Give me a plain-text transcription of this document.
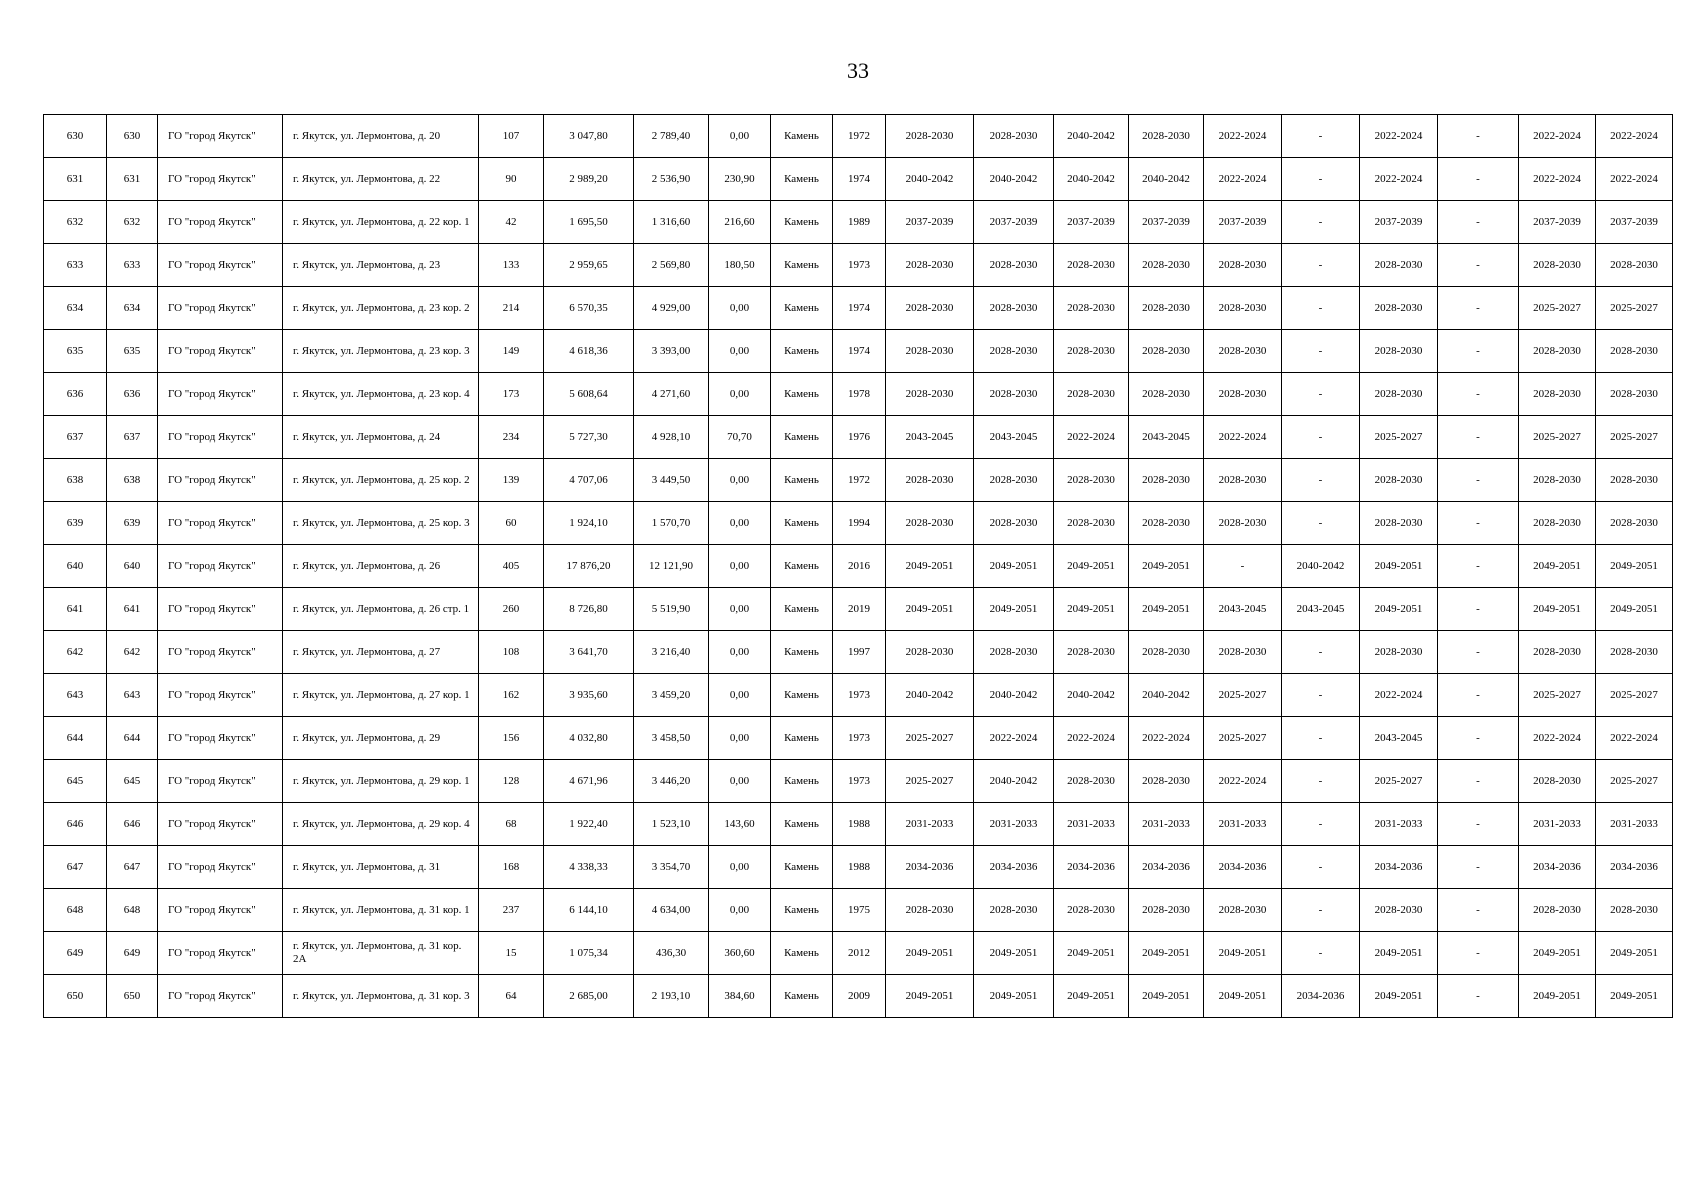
33
630	630	ГО "город Якутск"	г. Якутск, ул. Лермонтова, д. 20	107	3 047,80	2 789,40	0,00	Камень	1972	2028-2030	2028-2030	2040-2042	2028-2030	2022-2024	-	2022-2024	-	2022-2024	2022-2024
631	631	ГО "город Якутск"	г. Якутск, ул. Лермонтова, д. 22	90	2 989,20	2 536,90	230,90	Камень	1974	2040-2042	2040-2042	2040-2042	2040-2042	2022-2024	-	2022-2024	-	2022-2024	2022-2024
632	632	ГО "город Якутск"	г. Якутск, ул. Лермонтова, д. 22 кор. 1	42	1 695,50	1 316,60	216,60	Камень	1989	2037-2039	2037-2039	2037-2039	2037-2039	2037-2039	-	2037-2039	-	2037-2039	2037-2039
633	633	ГО "город Якутск"	г. Якутск, ул. Лермонтова, д. 23	133	2 959,65	2 569,80	180,50	Камень	1973	2028-2030	2028-2030	2028-2030	2028-2030	2028-2030	-	2028-2030	-	2028-2030	2028-2030
634	634	ГО "город Якутск"	г. Якутск, ул. Лермонтова, д. 23 кор. 2	214	6 570,35	4 929,00	0,00	Камень	1974	2028-2030	2028-2030	2028-2030	2028-2030	2028-2030	-	2028-2030	-	2025-2027	2025-2027
635	635	ГО "город Якутск"	г. Якутск, ул. Лермонтова, д. 23 кор. 3	149	4 618,36	3 393,00	0,00	Камень	1974	2028-2030	2028-2030	2028-2030	2028-2030	2028-2030	-	2028-2030	-	2028-2030	2028-2030
636	636	ГО "город Якутск"	г. Якутск, ул. Лермонтова, д. 23 кор. 4	173	5 608,64	4 271,60	0,00	Камень	1978	2028-2030	2028-2030	2028-2030	2028-2030	2028-2030	-	2028-2030	-	2028-2030	2028-2030
637	637	ГО "город Якутск"	г. Якутск, ул. Лермонтова, д. 24	234	5 727,30	4 928,10	70,70	Камень	1976	2043-2045	2043-2045	2022-2024	2043-2045	2022-2024	-	2025-2027	-	2025-2027	2025-2027
638	638	ГО "город Якутск"	г. Якутск, ул. Лермонтова, д. 25 кор. 2	139	4 707,06	3 449,50	0,00	Камень	1972	2028-2030	2028-2030	2028-2030	2028-2030	2028-2030	-	2028-2030	-	2028-2030	2028-2030
639	639	ГО "город Якутск"	г. Якутск, ул. Лермонтова, д. 25 кор. 3	60	1 924,10	1 570,70	0,00	Камень	1994	2028-2030	2028-2030	2028-2030	2028-2030	2028-2030	-	2028-2030	-	2028-2030	2028-2030
640	640	ГО "город Якутск"	г. Якутск, ул. Лермонтова, д. 26	405	17 876,20	12 121,90	0,00	Камень	2016	2049-2051	2049-2051	2049-2051	2049-2051	-	2040-2042	2049-2051	-	2049-2051	2049-2051
641	641	ГО "город Якутск"	г. Якутск, ул. Лермонтова, д. 26 стр. 1	260	8 726,80	5 519,90	0,00	Камень	2019	2049-2051	2049-2051	2049-2051	2049-2051	2043-2045	2043-2045	2049-2051	-	2049-2051	2049-2051
642	642	ГО "город Якутск"	г. Якутск, ул. Лермонтова, д. 27	108	3 641,70	3 216,40	0,00	Камень	1997	2028-2030	2028-2030	2028-2030	2028-2030	2028-2030	-	2028-2030	-	2028-2030	2028-2030
643	643	ГО "город Якутск"	г. Якутск, ул. Лермонтова, д. 27 кор. 1	162	3 935,60	3 459,20	0,00	Камень	1973	2040-2042	2040-2042	2040-2042	2040-2042	2025-2027	-	2022-2024	-	2025-2027	2025-2027
644	644	ГО "город Якутск"	г. Якутск, ул. Лермонтова, д. 29	156	4 032,80	3 458,50	0,00	Камень	1973	2025-2027	2022-2024	2022-2024	2022-2024	2025-2027	-	2043-2045	-	2022-2024	2022-2024
645	645	ГО "город Якутск"	г. Якутск, ул. Лермонтова, д. 29 кор. 1	128	4 671,96	3 446,20	0,00	Камень	1973	2025-2027	2040-2042	2028-2030	2028-2030	2022-2024	-	2025-2027	-	2028-2030	2025-2027
646	646	ГО "город Якутск"	г. Якутск, ул. Лермонтова, д. 29 кор. 4	68	1 922,40	1 523,10	143,60	Камень	1988	2031-2033	2031-2033	2031-2033	2031-2033	2031-2033	-	2031-2033	-	2031-2033	2031-2033
647	647	ГО "город Якутск"	г. Якутск, ул. Лермонтова, д. 31	168	4 338,33	3 354,70	0,00	Камень	1988	2034-2036	2034-2036	2034-2036	2034-2036	2034-2036	-	2034-2036	-	2034-2036	2034-2036
648	648	ГО "город Якутск"	г. Якутск, ул. Лермонтова, д. 31 кор. 1	237	6 144,10	4 634,00	0,00	Камень	1975	2028-2030	2028-2030	2028-2030	2028-2030	2028-2030	-	2028-2030	-	2028-2030	2028-2030
649	649	ГО "город Якутск"	г. Якутск, ул. Лермонтова, д. 31 кор. 2А	15	1 075,34	436,30	360,60	Камень	2012	2049-2051	2049-2051	2049-2051	2049-2051	2049-2051	-	2049-2051	-	2049-2051	2049-2051
650	650	ГО "город Якутск"	г. Якутск, ул. Лермонтова, д. 31 кор. 3	64	2 685,00	2 193,10	384,60	Камень	2009	2049-2051	2049-2051	2049-2051	2049-2051	2049-2051	2034-2036	2049-2051	-	2049-2051	2049-2051
